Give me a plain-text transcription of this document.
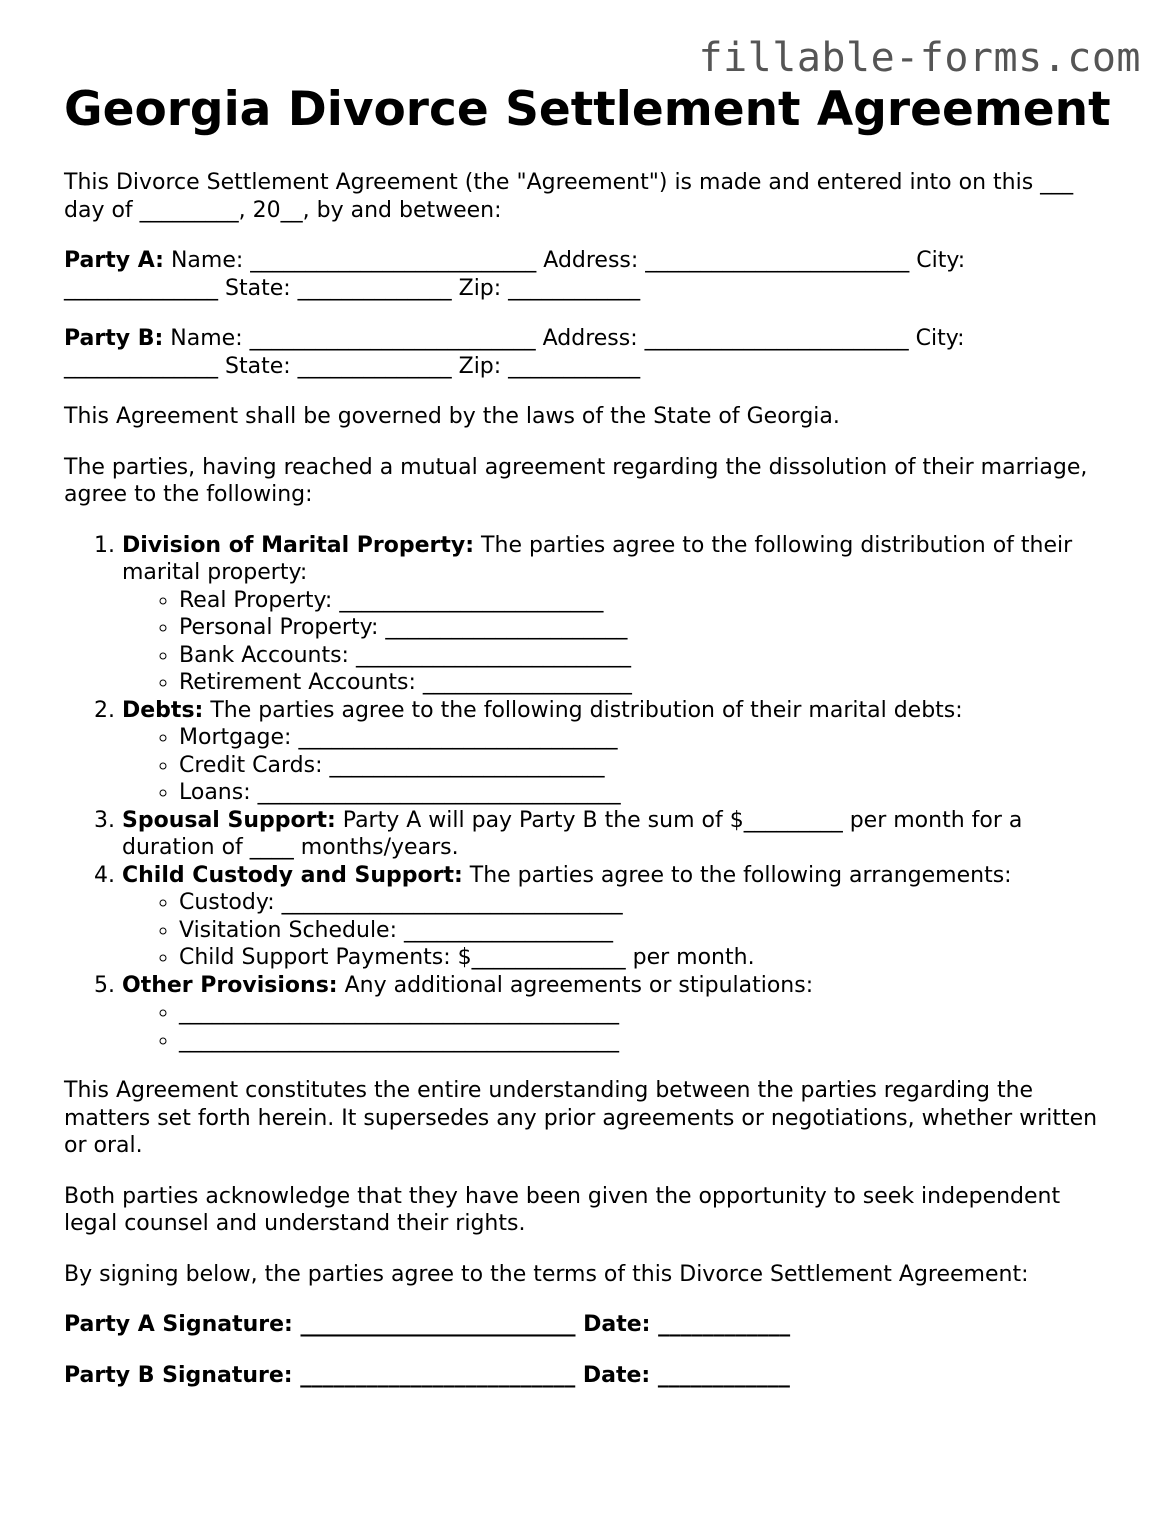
fillable-forms.com
Georgia Divorce Settlement Agreement

This Divorce Settlement Agreement (the "Agreement") is made and entered into on this ___ day of _________, 20__, by and between:

Party A: Name: __________________________ Address: ________________________ City: ______________ State: ______________ Zip: ____________

Party B: Name: __________________________ Address: ________________________ City: ______________ State: ______________ Zip: ____________

This Agreement shall be governed by the laws of the State of Georgia.

The parties, having reached a mutual agreement regarding the dissolution of their marriage, agree to the following:

1. Division of Marital Property: The parties agree to the following distribution of their marital property:
◦ Real Property: ________________________
◦ Personal Property: ______________________
◦ Bank Accounts: _________________________
◦ Retirement Accounts: ___________________
2. Debts: The parties agree to the following distribution of their marital debts:
◦ Mortgage: _____________________________
◦ Credit Cards: _________________________
◦ Loans: _________________________________
3. Spousal Support: Party A will pay Party B the sum of $_________ per month for a duration of ____ months/years.
4. Child Custody and Support: The parties agree to the following arrangements:
◦ Custody: _______________________________
◦ Visitation Schedule: ___________________
◦ Child Support Payments: $______________ per month.
5. Other Provisions: Any additional agreements or stipulations:
◦ ________________________________________
◦ ________________________________________

This Agreement constitutes the entire understanding between the parties regarding the matters set forth herein. It supersedes any prior agreements or negotiations, whether written or oral.

Both parties acknowledge that they have been given the opportunity to seek independent legal counsel and understand their rights.

By signing below, the parties agree to the terms of this Divorce Settlement Agreement:

Party A Signature: _________________________ Date: ____________

Party B Signature: _________________________ Date: ____________
